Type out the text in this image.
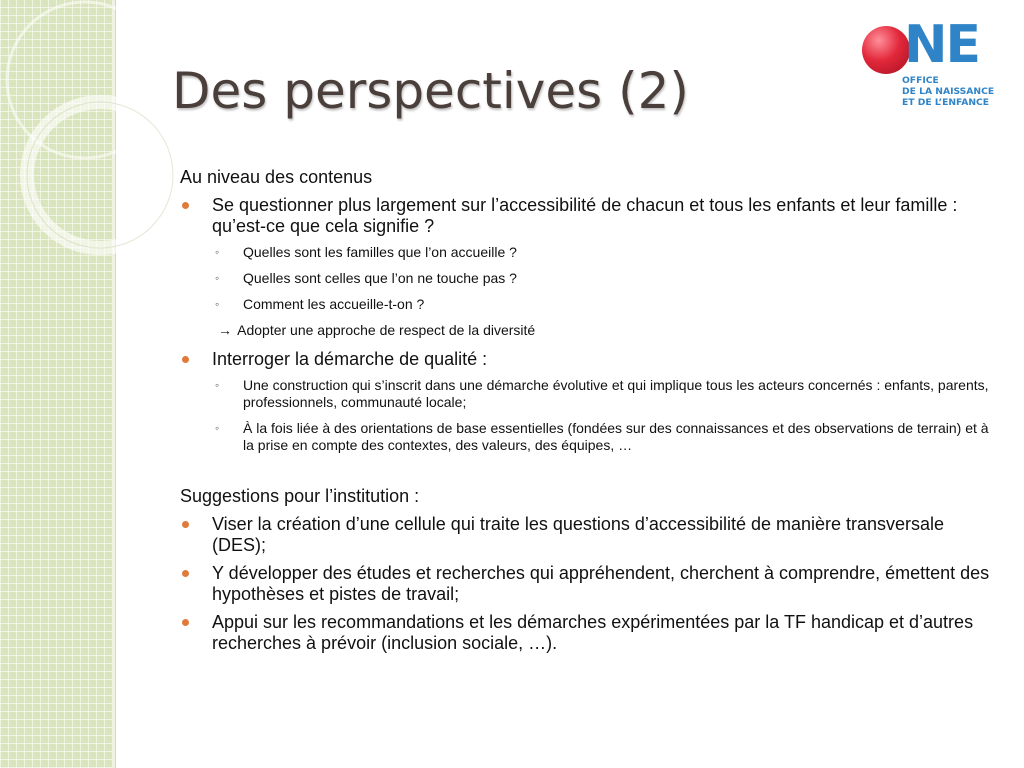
Des perspectives (2)
NE
OFFICE
DE LA NAISSANCE
ET DE L’ENFANCE
Au niveau des contenus
Se questionner plus largement sur l’accessibilité de chacun et tous les enfants et leur famille : qu’est-ce que cela signifie ?
◦ Quelles sont les familles que l’on accueille ?
◦ Quelles sont celles que l’on ne touche pas ?
◦ Comment les accueille-t-on ?
→ Adopter une approche de respect de la diversité
Interroger la démarche de qualité :
◦ Une construction qui s’inscrit dans une démarche évolutive et qui implique tous les acteurs concernés : enfants, parents, professionnels, communauté locale;
◦ À la fois liée à des orientations de base essentielles (fondées sur des connaissances et des observations de terrain) et à la prise en compte des contextes, des valeurs, des équipes, …
Suggestions pour l’institution :
Viser la création d’une cellule qui traite les questions d’accessibilité de manière transversale (DES);
Y développer des études et recherches qui appréhendent, cherchent à comprendre, émettent des hypothèses et pistes de travail;
Appui sur les recommandations et les démarches expérimentées par la TF handicap et d’autres recherches à prévoir (inclusion sociale, …).
